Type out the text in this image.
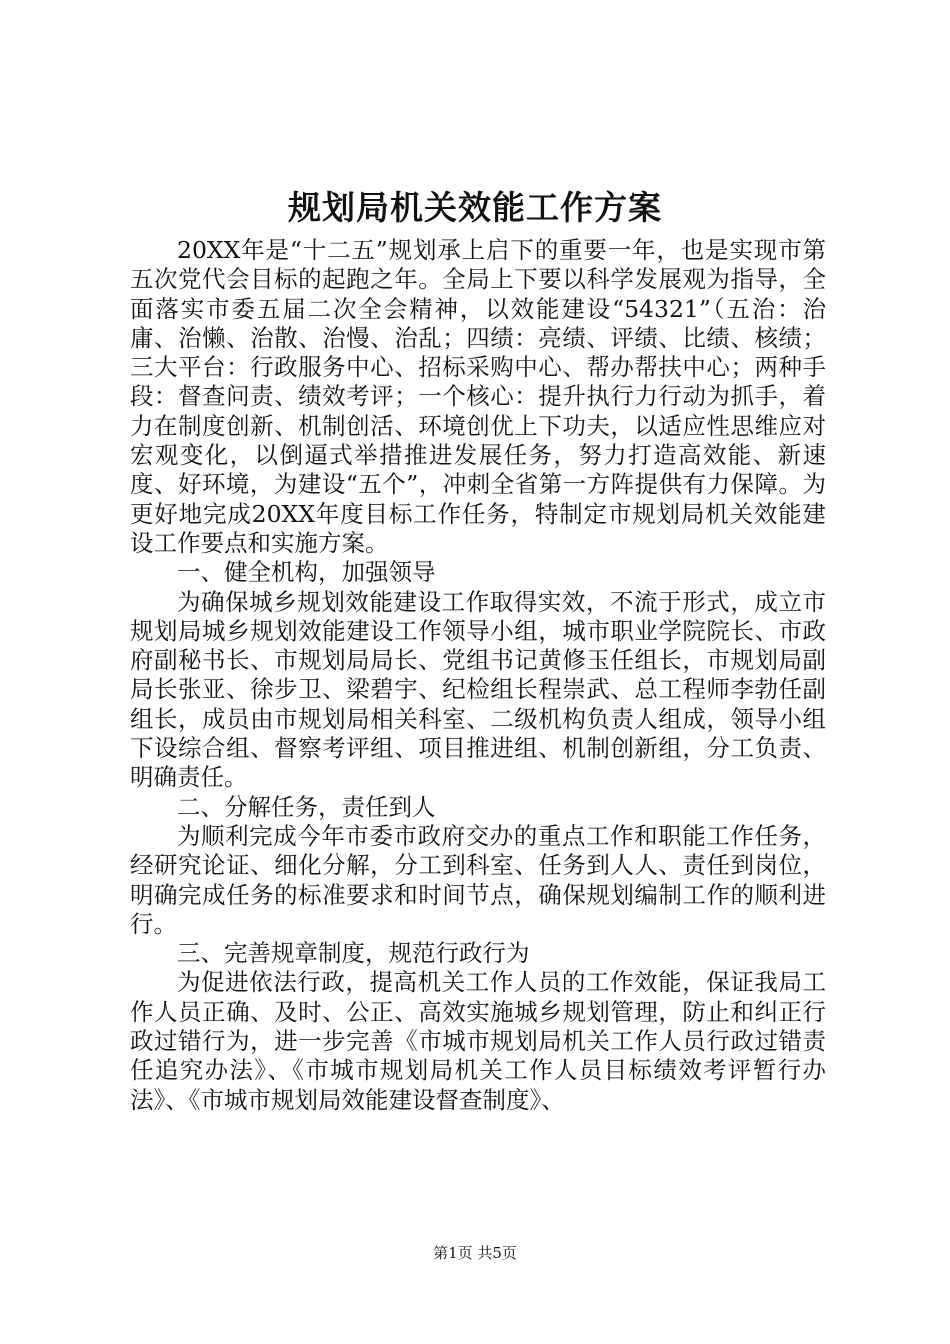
规划局机关效能工作方案

20XX年是“十二五”规划承上启下的重要一年，也是实现市第五次党代会目标的起跑之年。全局上下要以科学发展观为指导，全面落实市委五届二次全会精神，以效能建设“54321”（五治：治庸、治懒、治散、治慢、治乱；四绩：亮绩、评绩、比绩、核绩；三大平台：行政服务中心、招标采购中心、帮办帮扶中心；两种手段：督查问责、绩效考评；一个核心：提升执行力行动为抓手，着力在制度创新、机制创活、环境创优上下功夫，以适应性思维应对宏观变化，以倒逼式举措推进发展任务，努力打造高效能、新速度、好环境，为建设“五个”，冲刺全省第一方阵提供有力保障。为更好地完成20XX年度目标工作任务，特制定市规划局机关效能建设工作要点和实施方案。

一、健全机构，加强领导

为确保城乡规划效能建设工作取得实效，不流于形式，成立市规划局城乡规划效能建设工作领导小组，城市职业学院院长、市政府副秘书长、市规划局局长、党组书记黄修玉任组长，市规划局副局长张亚、徐步卫、梁碧宇、纪检组长程崇武、总工程师李勃任副组长，成员由市规划局相关科室、二级机构负责人组成，领导小组下设综合组、督察考评组、项目推进组、机制创新组，分工负责、明确责任。

二、分解任务，责任到人

为顺利完成今年市委市政府交办的重点工作和职能工作任务，经研究论证、细化分解，分工到科室、任务到人人、责任到岗位，明确完成任务的标准要求和时间节点，确保规划编制工作的顺利进行。

三、完善规章制度，规范行政行为

为促进依法行政，提高机关工作人员的工作效能，保证我局工作人员正确、及时、公正、高效实施城乡规划管理，防止和纠正行政过错行为，进一步完善《市城市规划局机关工作人员行政过错责任追究办法》、《市城市规划局机关工作人员目标绩效考评暂行办法》、《市城市规划局效能建设督查制度》、

第1页 共5页
